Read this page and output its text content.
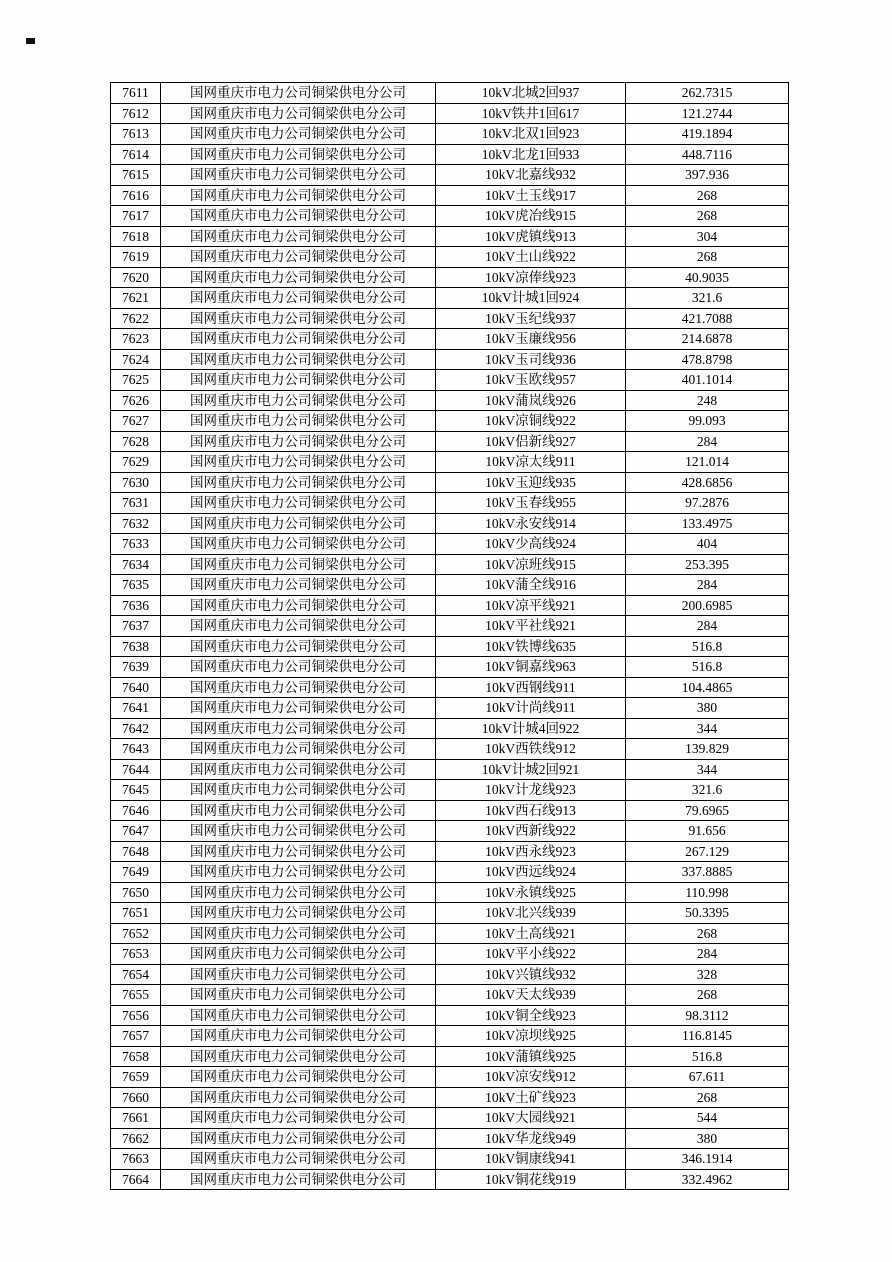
7611	国网重庆市电力公司铜梁供电分公司	10kV北城2回937	262.7315
7612	国网重庆市电力公司铜梁供电分公司	10kV铁井1回617	121.2744
7613	国网重庆市电力公司铜梁供电分公司	10kV北双1回923	419.1894
7614	国网重庆市电力公司铜梁供电分公司	10kV北龙1回933	448.7116
7615	国网重庆市电力公司铜梁供电分公司	10kV北嘉线932	397.936
7616	国网重庆市电力公司铜梁供电分公司	10kV土玉线917	268
7617	国网重庆市电力公司铜梁供电分公司	10kV虎冶线915	268
7618	国网重庆市电力公司铜梁供电分公司	10kV虎镇线913	304
7619	国网重庆市电力公司铜梁供电分公司	10kV土山线922	268
7620	国网重庆市电力公司铜梁供电分公司	10kV凉俸线923	40.9035
7621	国网重庆市电力公司铜梁供电分公司	10kV计城1回924	321.6
7622	国网重庆市电力公司铜梁供电分公司	10kV玉纪线937	421.7088
7623	国网重庆市电力公司铜梁供电分公司	10kV玉廉线956	214.6878
7624	国网重庆市电力公司铜梁供电分公司	10kV玉司线936	478.8798
7625	国网重庆市电力公司铜梁供电分公司	10kV玉欧线957	401.1014
7626	国网重庆市电力公司铜梁供电分公司	10kV蒲岚线926	248
7627	国网重庆市电力公司铜梁供电分公司	10kV凉铜线922	99.093
7628	国网重庆市电力公司铜梁供电分公司	10kV侣新线927	284
7629	国网重庆市电力公司铜梁供电分公司	10kV凉太线911	121.014
7630	国网重庆市电力公司铜梁供电分公司	10kV玉迎线935	428.6856
7631	国网重庆市电力公司铜梁供电分公司	10kV玉春线955	97.2876
7632	国网重庆市电力公司铜梁供电分公司	10kV永安线914	133.4975
7633	国网重庆市电力公司铜梁供电分公司	10kV少高线924	404
7634	国网重庆市电力公司铜梁供电分公司	10kV凉班线915	253.395
7635	国网重庆市电力公司铜梁供电分公司	10kV蒲全线916	284
7636	国网重庆市电力公司铜梁供电分公司	10kV凉平线921	200.6985
7637	国网重庆市电力公司铜梁供电分公司	10kV平社线921	284
7638	国网重庆市电力公司铜梁供电分公司	10kV铁博线635	516.8
7639	国网重庆市电力公司铜梁供电分公司	10kV铜嘉线963	516.8
7640	国网重庆市电力公司铜梁供电分公司	10kV西钢线911	104.4865
7641	国网重庆市电力公司铜梁供电分公司	10kV计尚线911	380
7642	国网重庆市电力公司铜梁供电分公司	10kV计城4回922	344
7643	国网重庆市电力公司铜梁供电分公司	10kV西铁线912	139.829
7644	国网重庆市电力公司铜梁供电分公司	10kV计城2回921	344
7645	国网重庆市电力公司铜梁供电分公司	10kV计龙线923	321.6
7646	国网重庆市电力公司铜梁供电分公司	10kV西石线913	79.6965
7647	国网重庆市电力公司铜梁供电分公司	10kV西新线922	91.656
7648	国网重庆市电力公司铜梁供电分公司	10kV西永线923	267.129
7649	国网重庆市电力公司铜梁供电分公司	10kV西远线924	337.8885
7650	国网重庆市电力公司铜梁供电分公司	10kV永镇线925	110.998
7651	国网重庆市电力公司铜梁供电分公司	10kV北兴线939	50.3395
7652	国网重庆市电力公司铜梁供电分公司	10kV土高线921	268
7653	国网重庆市电力公司铜梁供电分公司	10kV平小线922	284
7654	国网重庆市电力公司铜梁供电分公司	10kV兴镇线932	328
7655	国网重庆市电力公司铜梁供电分公司	10kV天太线939	268
7656	国网重庆市电力公司铜梁供电分公司	10kV铜全线923	98.3112
7657	国网重庆市电力公司铜梁供电分公司	10kV凉坝线925	116.8145
7658	国网重庆市电力公司铜梁供电分公司	10kV蒲镇线925	516.8
7659	国网重庆市电力公司铜梁供电分公司	10kV凉安线912	67.611
7660	国网重庆市电力公司铜梁供电分公司	10kV土矿线923	268
7661	国网重庆市电力公司铜梁供电分公司	10kV大园线921	544
7662	国网重庆市电力公司铜梁供电分公司	10kV华龙线949	380
7663	国网重庆市电力公司铜梁供电分公司	10kV铜康线941	346.1914
7664	国网重庆市电力公司铜梁供电分公司	10kV铜花线919	332.4962
